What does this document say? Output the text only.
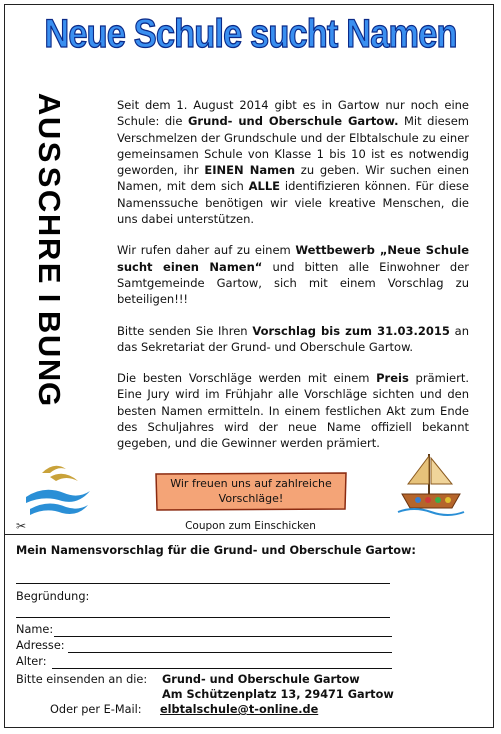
Neue Schule sucht Namen
A
U
S
S
C
H
R
E
I
B
U
N
G

Seit dem 1. August 2014 gibt es in Gartow nur noch eine Schule: die Grund- und Oberschule Gartow. Mit diesem Verschmelzen der Grundschule und der Elbtalschule zu einer gemeinsamen Schule von Klasse 1 bis 10 ist es notwendig geworden, ihr EINEN Namen zu geben. Wir suchen einen Namen, mit dem sich ALLE identifizieren können. Für diese Namenssuche benötigen wir viele kreative Menschen, die uns dabei unterstützen.

Wir rufen daher auf zu einem Wettbewerb „Neue Schule sucht einen Namen“ und bitten alle Einwohner der Samtgemeinde Gartow, sich mit einem Vorschlag zu beteiligen!!!

Bitte senden Sie Ihren Vorschlag bis zum 31.03.2015 an das Sekretariat der Grund- und Oberschule Gartow.

Die besten Vorschläge werden mit einem Preis prämiert. Eine Jury wird im Frühjahr alle Vorschläge sichten und den besten Namen ermitteln. In einem festlichen Akt zum Ende des Schuljahres wird der neue Name offiziell bekannt gegeben, und die Gewinner werden prämiert.

Wir freuen uns auf zahlreiche
Vorschläge!
✂	Coupon zum Einschicken
Mein Namensvorschlag für die Grund- und Oberschule Gartow:
Begründung:
Name:
Adresse:
Alter:
Bitte einsenden an die: Grund- und Oberschule Gartow
Am Schützenplatz 13, 29471 Gartow
Oder per E-Mail: elbtalschule@t-online.de
